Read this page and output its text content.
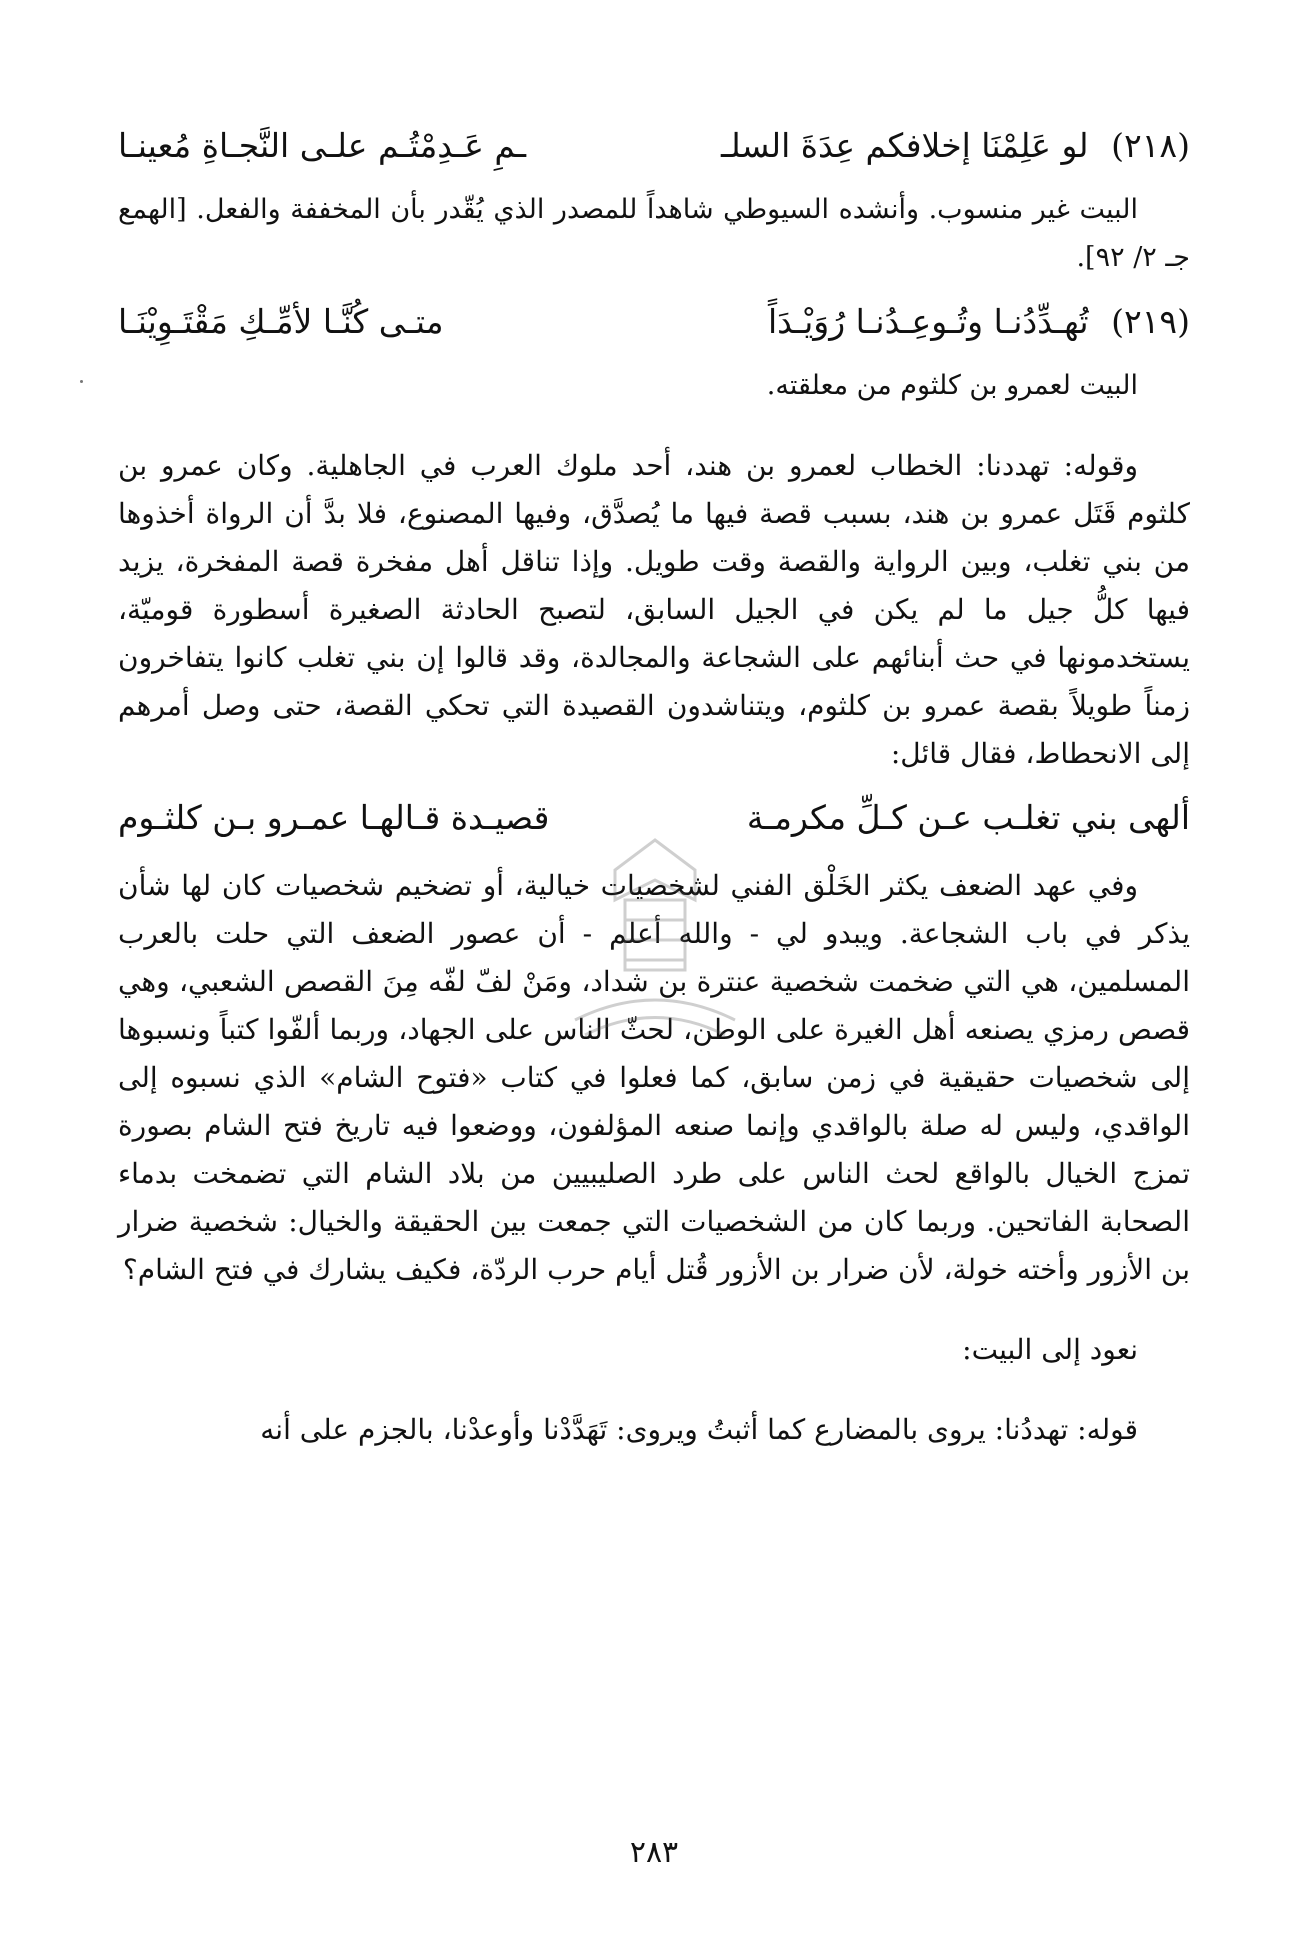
(٢١٨) لو عَلِمْنَا إخلافكم عِدَةَ السلـ
ـمِ عَـدِمْتُـم علـى النَّجـاةِ مُعينـا

البيت غير منسوب. وأنشده السيوطي شاهداً للمصدر الذي يُقّدر بأن المخففة والفعل. [الهمع جـ ٢/ ٩٢].

(٢١٩) تُهـدِّدُنـا وتُـوعِـدُنـا رُوَيْـدَاً
متـى كُنَّـا لأمِّـكِ مَقْتَـوِيْنَـا

البيت لعمرو بن كلثوم من معلقته.

وقوله: تهددنا: الخطاب لعمرو بن هند، أحد ملوك العرب في الجاهلية. وكان عمرو بن كلثوم قَتَل عمرو بن هند، بسبب قصة فيها ما يُصدَّق، وفيها المصنوع، فلا بدَّ أن الرواة أخذوها من بني تغلب، وبين الرواية والقصة وقت طويل. وإذا تناقل أهل مفخرة قصة المفخرة، يزيد فيها كلُّ جيل ما لم يكن في الجيل السابق، لتصبح الحادثة الصغيرة أسطورة قوميّة، يستخدمونها في حث أبنائهم على الشجاعة والمجالدة، وقد قالوا إن بني تغلب كانوا يتفاخرون زمناً طويلاً بقصة عمرو بن كلثوم، ويتناشدون القصيدة التي تحكي القصة، حتى وصل أمرهم إلى الانحطاط، فقال قائل:

ألهى بني تغلـب عـن كـلِّ مكرمـة
قصيـدة قـالهـا عمـرو بـن كلثـوم

وفي عهد الضعف يكثر الخَلْق الفني لشخصيات خيالية، أو تضخيم شخصيات كان لها شأن يذكر في باب الشجاعة. ويبدو لي - والله أعلم - أن عصور الضعف التي حلت بالعرب المسلمين، هي التي ضخمت شخصية عنترة بن شداد، ومَنْ لفّ لفّه مِنَ القصص الشعبي، وهي قصص رمزي يصنعه أهل الغيرة على الوطن، لحثّ الناس على الجهاد، وربما ألفّوا كتباً ونسبوها إلى شخصيات حقيقية في زمن سابق، كما فعلوا في كتاب «فتوح الشام» الذي نسبوه إلى الواقدي، وليس له صلة بالواقدي وإنما صنعه المؤلفون، ووضعوا فيه تاريخ فتح الشام بصورة تمزج الخيال بالواقع لحث الناس على طرد الصليبيين من بلاد الشام التي تضمخت بدماء الصحابة الفاتحين. وربما كان من الشخصيات التي جمعت بين الحقيقة والخيال: شخصية ضرار بن الأزور وأخته خولة، لأن ضرار بن الأزور قُتل أيام حرب الردّة، فكيف يشارك في فتح الشام؟

نعود إلى البيت:

قوله: تهددُنا: يروى بالمضارع كما أثبتُ ويروى: تَهَدَّدْنا وأوعدْنا، بالجزم على أنه

٢٨٣
